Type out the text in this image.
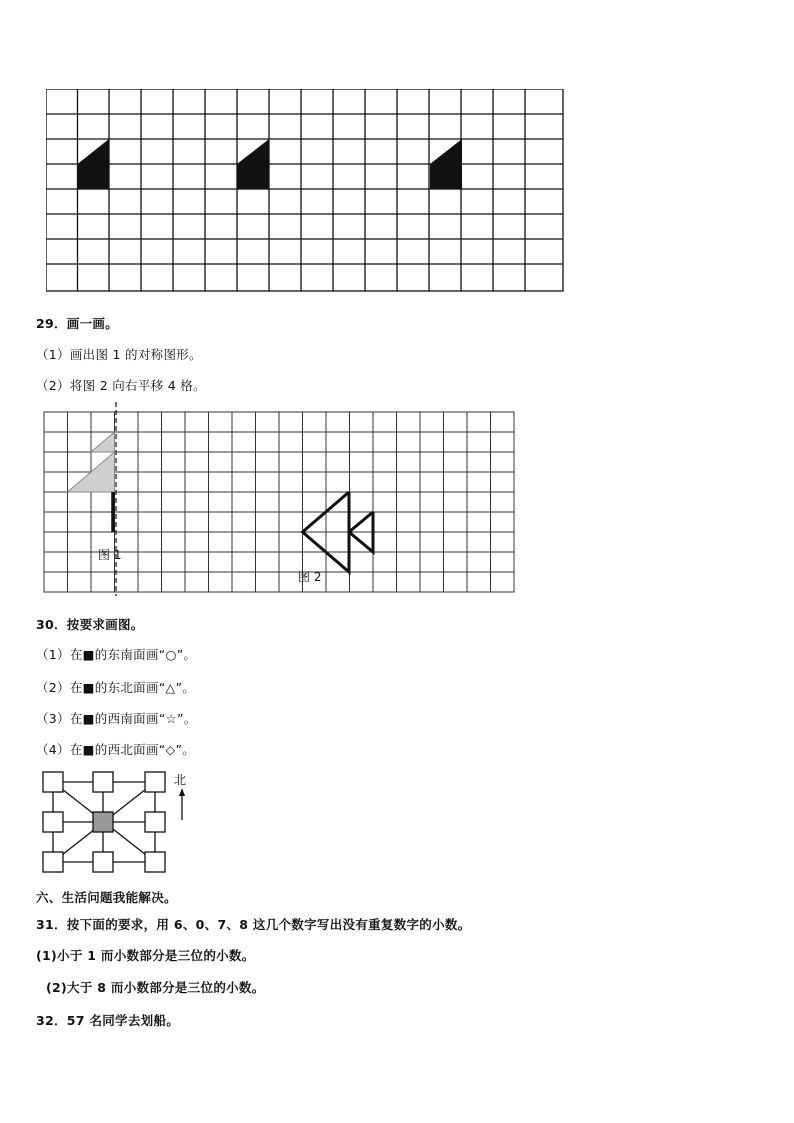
29．画一画。
（1）画出图 1 的对称图形。
（2）将图 2 向右平移 4 格。
图 1
图 2
30．按要求画图。
（1）在■的东南面画“○”。
（2）在■的东北面画“△”。
（3）在■的西南面画“☆”。
（4）在■的西北面画“◇”。
北
六、生活问题我能解决。
31．按下面的要求，用 6、0、7、8 这几个数字写出没有重复数字的小数。
(1)小于 1 而小数部分是三位的小数。
(2)大于 8 而小数部分是三位的小数。
32．57 名同学去划船。
